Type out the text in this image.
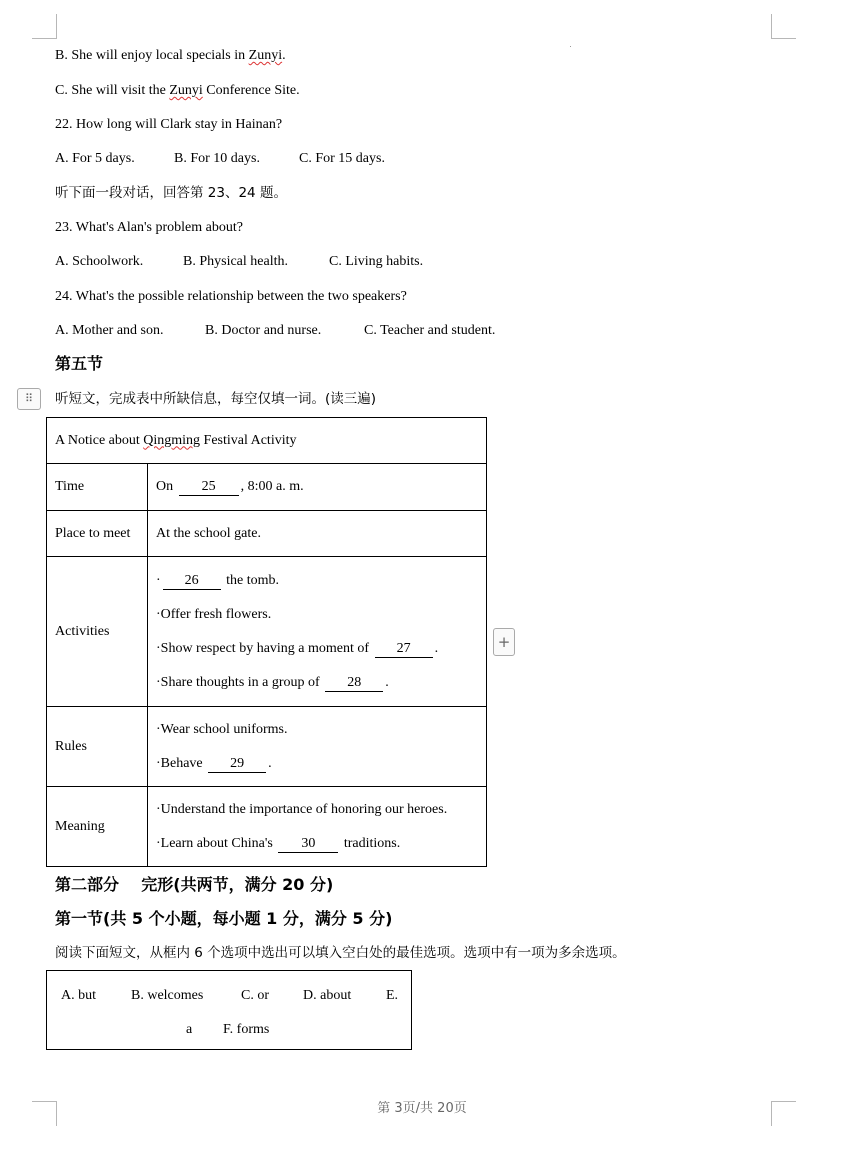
B. She will enjoy local specials in Zunyi.
C. She will visit the Zunyi Conference Site.
22. How long will Clark stay in Hainan?
A. For 5 days.	B. For 10 days.	C. For 15 days.
听下面一段对话，回答第 23、24 题。
23. What's Alan's problem about?
A. Schoolwork.	B. Physical health.	C. Living habits.
24. What's the possible relationship between the two speakers?
A. Mother and son.	B. Doctor and nurse.	C. Teacher and student.
第五节
⠿	听短文，完成表中所缺信息，每空仅填一词。(读三遍)
A Notice about Qingming Festival Activity	
Time	On 25 , 8:00 a. m.
Place to meet	At the school gate.
Activities	· 26 the tomb.
·Offer fresh flowers.
·Show respect by having a moment of 27 .
·Share thoughts in a group of 28 .

Rules	·Wear school uniforms.
·Behave 29 .

Meaning	·Understand the importance of honoring our heroes.
·Learn about China's 30 traditions.
+
第二部分    完形(共两节，满分 20 分)
第一节(共 5 个小题，每小题 1 分，满分 5 分)
阅读下面短文，从框内 6 个选项中选出可以填入空白处的最佳选项。选项中有一项为多余选项。
A. but	B. welcomes	C. or D. about E.
a F. forms
第 3页/共 20页
